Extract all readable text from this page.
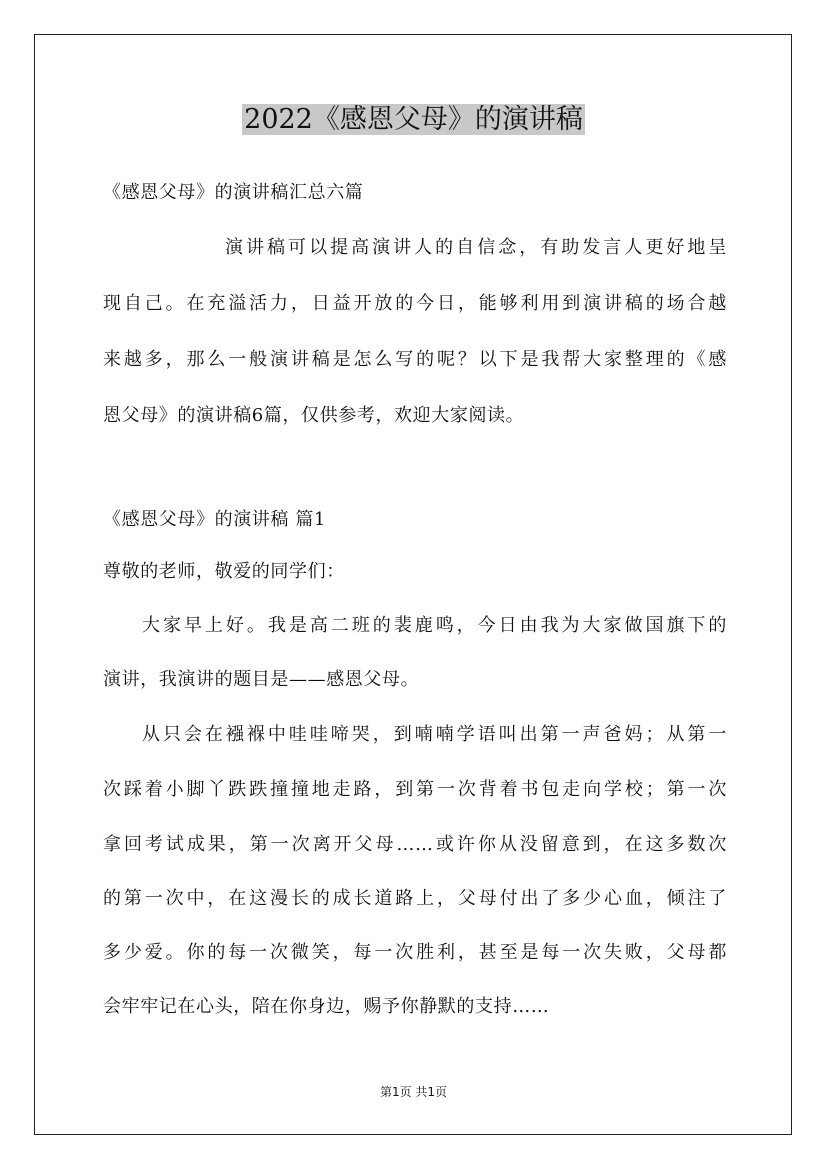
2022《感恩父母》的演讲稿
《感恩父母》的演讲稿汇总六篇
演讲稿可以提高演讲人的自信念，有助发言人更好地呈
现自己。在充溢活力，日益开放的今日，能够利用到演讲稿的场合越
来越多，那么一般演讲稿是怎么写的呢？以下是我帮大家整理的《感
恩父母》的演讲稿6篇，仅供参考，欢迎大家阅读。
《感恩父母》的演讲稿 篇1
尊敬的老师，敬爱的同学们：
大家早上好。我是高二班的裴鹿鸣，今日由我为大家做国旗下的
演讲，我演讲的题目是——感恩父母。
从只会在襁褓中哇哇啼哭，到喃喃学语叫出第一声爸妈；从第一
次踩着小脚丫跌跌撞撞地走路，到第一次背着书包走向学校；第一次
拿回考试成果，第一次离开父母……或许你从没留意到，在这多数次
的第一次中，在这漫长的成长道路上，父母付出了多少心血，倾注了
多少爱。你的每一次微笑，每一次胜利，甚至是每一次失败，父母都
会牢牢记在心头，陪在你身边，赐予你静默的支持……
第1页 共1页
